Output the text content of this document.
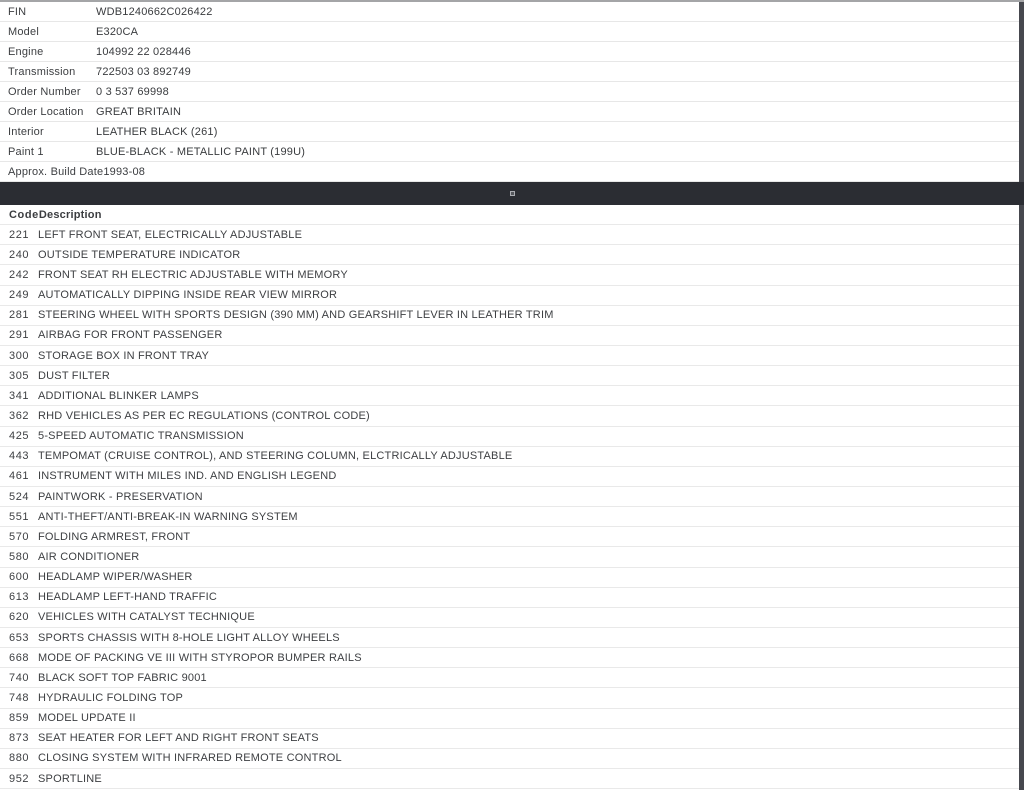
FIN	WDB1240662C026422
Model	E320CA
Engine	104992 22 028446
Transmission	722503 03 892749
Order Number	0 3 537 69998
Order Location	GREAT BRITAIN
Interior	LEATHER BLACK (261)
Paint 1	BLUE-BLACK - METALLIC PAINT (199U)
Approx. Build Date 1993-08
Code Description
221 LEFT FRONT SEAT, ELECTRICALLY ADJUSTABLE
240 OUTSIDE TEMPERATURE INDICATOR
242 FRONT SEAT RH ELECTRIC ADJUSTABLE WITH MEMORY
249 AUTOMATICALLY DIPPING INSIDE REAR VIEW MIRROR
281 STEERING WHEEL WITH SPORTS DESIGN (390 MM) AND GEARSHIFT LEVER IN LEATHER TRIM
291 AIRBAG FOR FRONT PASSENGER
300 STORAGE BOX IN FRONT TRAY
305 DUST FILTER
341 ADDITIONAL BLINKER LAMPS
362 RHD VEHICLES AS PER EC REGULATIONS (CONTROL CODE)
425 5-SPEED AUTOMATIC TRANSMISSION
443 TEMPOMAT (CRUISE CONTROL), AND STEERING COLUMN, ELCTRICALLY ADJUSTABLE
461 INSTRUMENT WITH MILES IND. AND ENGLISH LEGEND
524 PAINTWORK - PRESERVATION
551 ANTI-THEFT/ANTI-BREAK-IN WARNING SYSTEM
570 FOLDING ARMREST, FRONT
580 AIR CONDITIONER
600 HEADLAMP WIPER/WASHER
613 HEADLAMP LEFT-HAND TRAFFIC
620 VEHICLES WITH CATALYST TECHNIQUE
653 SPORTS CHASSIS WITH 8-HOLE LIGHT ALLOY WHEELS
668 MODE OF PACKING VE III WITH STYROPOR BUMPER RAILS
740 BLACK SOFT TOP FABRIC 9001
748 HYDRAULIC FOLDING TOP
859 MODEL UPDATE II
873 SEAT HEATER FOR LEFT AND RIGHT FRONT SEATS
880 CLOSING SYSTEM WITH INFRARED REMOTE CONTROL
952 SPORTLINE
